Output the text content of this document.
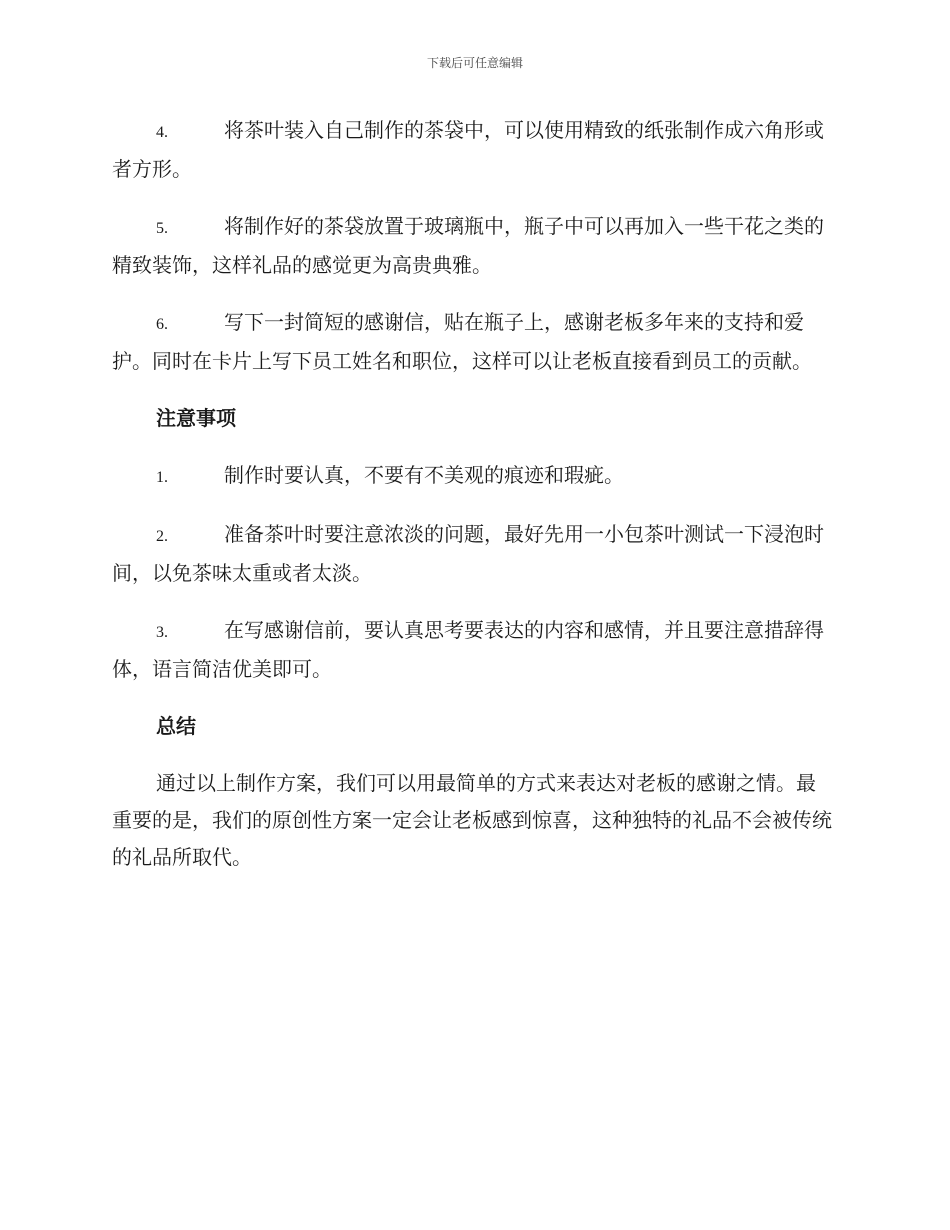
下载后可任意编辑

4.	将茶叶装入自己制作的茶袋中，可以使用精致的纸张制作成六角形或者方形。

5.	将制作好的茶袋放置于玻璃瓶中，瓶子中可以再加入一些干花之类的精致装饰，这样礼品的感觉更为高贵典雅。

6.	写下一封简短的感谢信，贴在瓶子上，感谢老板多年来的支持和爱护。同时在卡片上写下员工姓名和职位，这样可以让老板直接看到员工的贡献。

注意事项

1.	制作时要认真，不要有不美观的痕迹和瑕疵。

2.	准备茶叶时要注意浓淡的问题，最好先用一小包茶叶测试一下浸泡时间，以免茶味太重或者太淡。

3.	在写感谢信前，要认真思考要表达的内容和感情，并且要注意措辞得体，语言简洁优美即可。

总结

通过以上制作方案，我们可以用最简单的方式来表达对老板的感谢之情。最重要的是，我们的原创性方案一定会让老板感到惊喜，这种独特的礼品不会被传统的礼品所取代。
